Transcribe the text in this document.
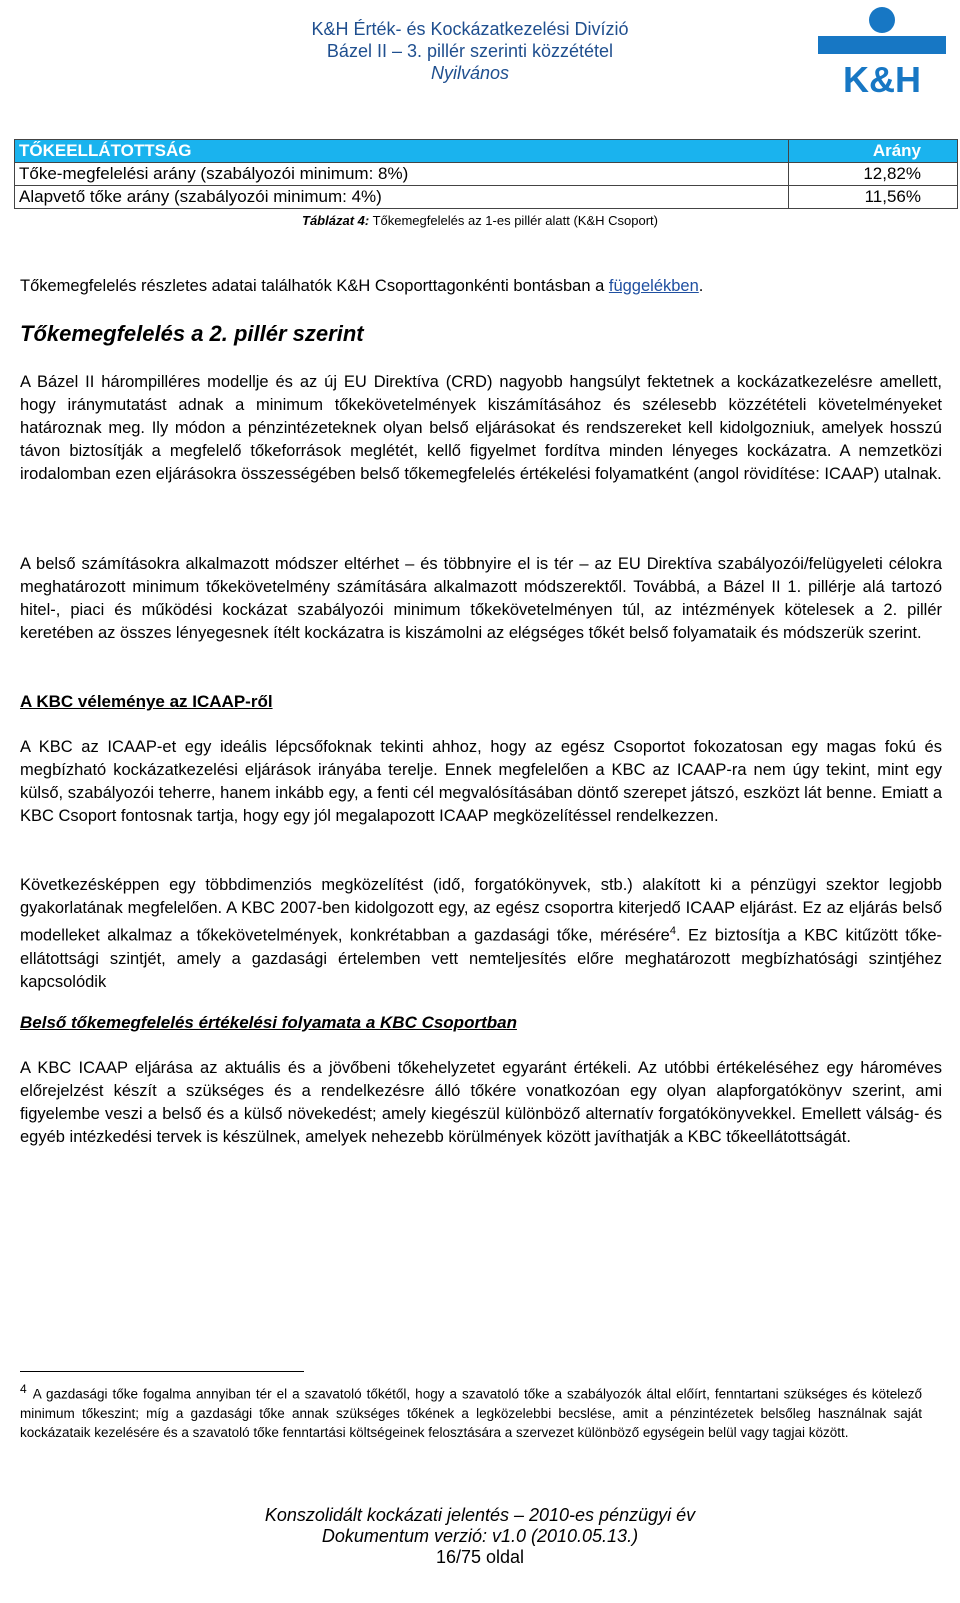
K&H Érték- és Kockázatkezelési Divízió
Bázel II – 3. pillér szerinti közzététel
Nyilvános	K&H
TŐKEELLÁTOTTSÁG	Arány
Tőke-megfelelési arány (szabályozói minimum: 8%)	12,82%
Alapvető tőke arány (szabályozói minimum: 4%)	11,56%
Táblázat 4: Tőkemegfelelés az 1-es pillér alatt (K&H Csoport)
Tőkemegfelelés részletes adatai találhatók K&H Csoporttagonkénti bontásban a függelékben.
Tőkemegfelelés a 2. pillér szerint
A Bázel II hárompilléres modellje és az új EU Direktíva (CRD) nagyobb hangsúlyt fektetnek a kockázatkezelésre amellett, hogy iránymutatást adnak a minimum tőkekövetelmények kiszámításához és szélesebb közzétételi követelményeket határoznak meg. Ily módon a pénzintézeteknek olyan belső eljárásokat és rendszereket kell kidolgozniuk, amelyek hosszú távon biztosítják a megfelelő tőkeforrások meglétét, kellő figyelmet fordítva minden lényeges kockázatra. A nemzetközi irodalomban ezen eljárásokra összességében belső tőkemegfelelés értékelési folyamatként (angol rövidítése: ICAAP) utalnak.
A belső számításokra alkalmazott módszer eltérhet – és többnyire el is tér – az EU Direktíva szabályozói/felügyeleti célokra meghatározott minimum tőkekövetelmény számítására alkalmazott módszerektől. Továbbá, a Bázel II 1. pillérje alá tartozó hitel-, piaci és működési kockázat szabályozói minimum tőkekövetelményen túl, az intézmények kötelesek a 2. pillér keretében az összes lényegesnek ítélt kockázatra is kiszámolni az elégséges tőkét belső folyamataik és módszerük szerint.
A KBC véleménye az ICAAP-ről
A KBC az ICAAP-et egy ideális lépcsőfoknak tekinti ahhoz, hogy az egész Csoportot fokozatosan egy magas fokú és megbízható kockázatkezelési eljárások irányába terelje. Ennek megfelelően a KBC az ICAAP-ra nem úgy tekint, mint egy külső, szabályozói teherre, hanem inkább egy, a fenti cél megvalósításában döntő szerepet játszó, eszközt lát benne. Emiatt a KBC Csoport fontosnak tartja, hogy egy jól megalapozott ICAAP megközelítéssel rendelkezzen.
Következésképpen egy többdimenziós megközelítést (idő, forgatókönyvek, stb.) alakított ki a pénzügyi szektor legjobb gyakorlatának megfelelően. A KBC 2007-ben kidolgozott egy, az egész csoportra kiterjedő ICAAP eljárást. Ez az eljárás belső modelleket alkalmaz a tőkekövetelmények, konkrétabban a gazdasági tőke, mérésére$^4$. Ez biztosítja a KBC kitűzött tőke-ellátottsági szintjét, amely a gazdasági értelemben vett nemteljesítés előre meghatározott megbízhatósági szintjéhez kapcsolódik
Belső tőkemegfelelés értékelési folyamata a KBC Csoportban
A KBC ICAAP eljárása az aktuális és a jövőbeni tőkehelyzetet egyaránt értékeli. Az utóbbi értékeléséhez egy hároméves előrejelzést készít a szükséges és a rendelkezésre álló tőkére vonatkozóan egy olyan alapforgatókönyv szerint, ami figyelembe veszi a belső és a külső növekedést; amely kiegészül különböző alternatív forgatókönyvekkel. Emellett válság- és egyéb intézkedési tervek is készülnek, amelyek nehezebb körülmények között javíthatják a KBC tőkeellátottságát.
4 A gazdasági tőke fogalma annyiban tér el a szavatoló tőkétől, hogy a szavatoló tőke a szabályozók által előírt, fenntartani szükséges és kötelező minimum tőkeszint; míg a gazdasági tőke annak szükséges tőkének a legközelebbi becslése, amit a pénzintézetek belsőleg használnak saját kockázataik kezelésére és a szavatoló tőke fenntartási költségeinek felosztására a szervezet különböző egységein belül vagy tagjai között.
Konszolidált kockázati jelentés – 2010-es pénzügyi év
Dokumentum verzió: v1.0 (2010.05.13.)
16/75 oldal
